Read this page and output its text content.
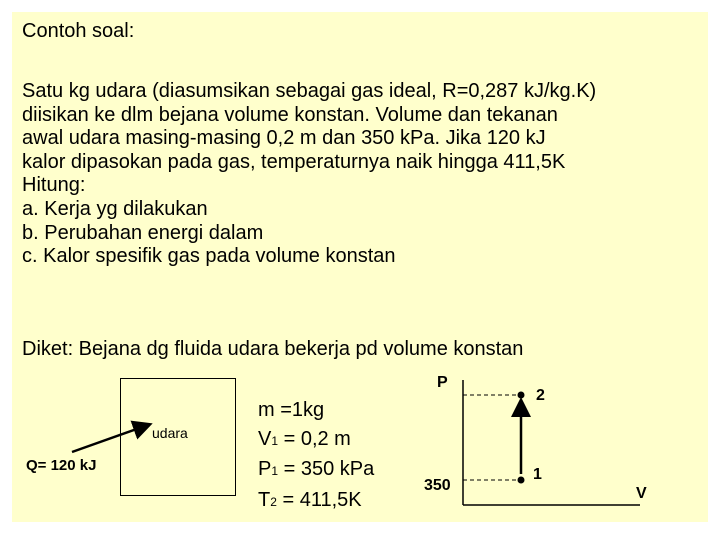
Contoh soal:
Satu kg udara (diasumsikan sebagai gas ideal, R=0,287 kJ/kg.K)
diisikan ke dlm bejana volume konstan. Volume dan tekanan
awal udara masing-masing 0,2 m dan 350 kPa. Jika 120 kJ
kalor dipasokan pada gas, temperaturnya naik hingga 411,5K
Hitung:
a. Kerja yg dilakukan
b. Perubahan energi dalam
c. Kalor spesifik gas pada volume konstan
Diket: Bejana dg fluida udara bekerja pd volume konstan
udara
Q= 120 kJ
m =1kg
V1 = 0,2 m
P1 = 350 kPa
T2 = 411,5K
P
350
2
1
V
